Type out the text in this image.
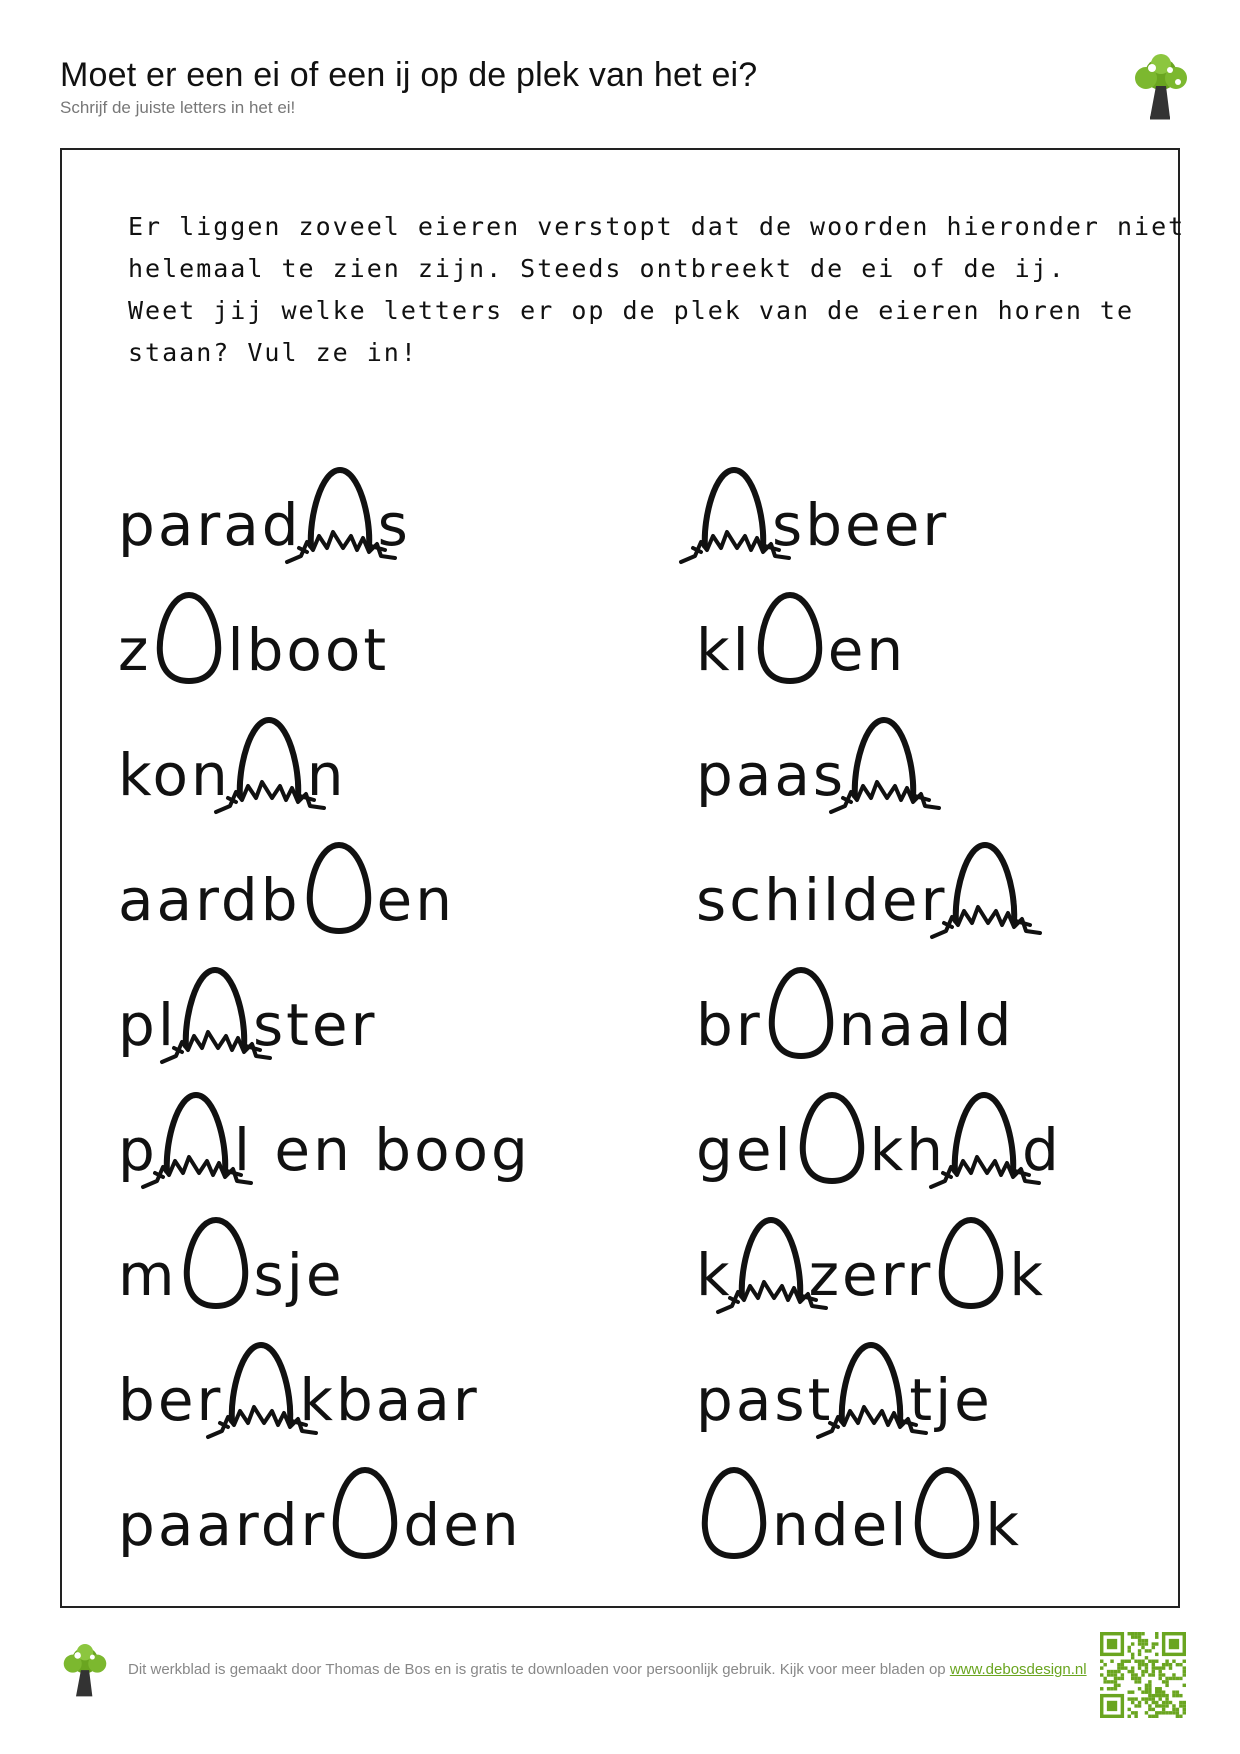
Moet er een ei of een ij op de plek van het ei?
Schrijf de juiste letters in het ei!
Er liggen zoveel eieren verstopt dat de woorden hieronder niet
helemaal te zien zijn. Steeds ontbreekt de ei of de ij.
Weet jij welke letters er op de plek van de eieren horen te
staan? Vul ze in!
parad s
z lboot
kon n
aardb en
pl ster
p l en boog
m sje
ber kbaar
paardr den
sbeer
kl en
paas
schilder
br naald
gel kh d
k zerr k
past tje
ndel k
Dit werkblad is gemaakt door Thomas de Bos en is gratis te downloaden voor persoonlijk gebruik. Kijk voor meer bladen op www.debosdesign.nl
